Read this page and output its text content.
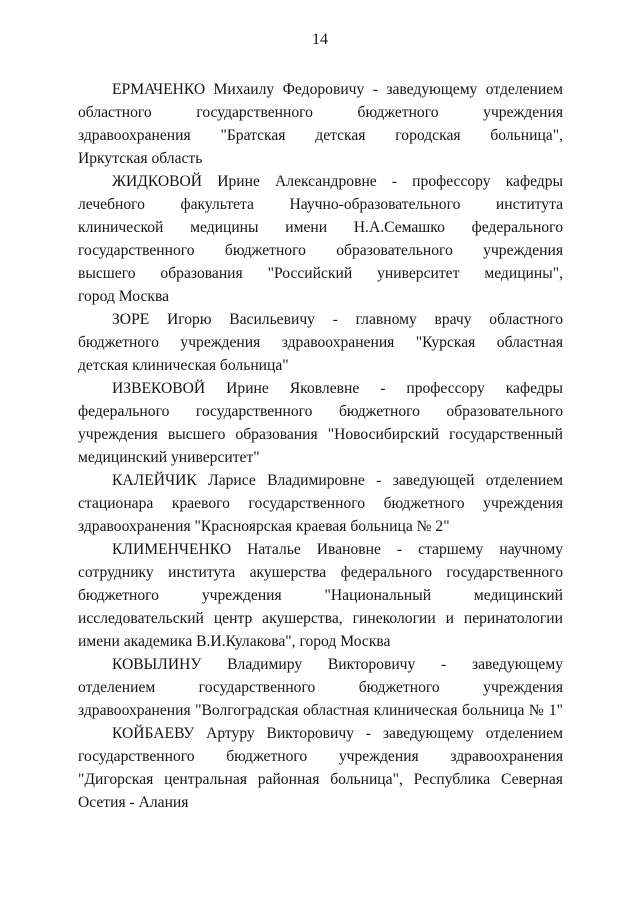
14

ЕРМАЧЕНКО Михаилу Федоровичу - заведующему отделением

областного государственного бюджетного учреждения

здравоохранения "Братская детская городская больница",

Иркутская область

ЖИДКОВОЙ Ирине Александровне - профессору кафедры

лечебного факультета Научно-образовательного института

клинической медицины имени Н.А.Семашко федерального

государственного бюджетного образовательного учреждения

высшего образования "Российский университет медицины",

город Москва

ЗОРЕ Игорю Васильевичу - главному врачу областного

бюджетного учреждения здравоохранения "Курская областная

детская клиническая больница"

ИЗВЕКОВОЙ Ирине Яковлевне - профессору кафедры

федерального государственного бюджетного образовательного

учреждения высшего образования "Новосибирский государственный

медицинский университет"

КАЛЕЙЧИК Ларисе Владимировне - заведующей отделением

стационара краевого государственного бюджетного учреждения

здравоохранения "Красноярская краевая больница № 2"

КЛИМЕНЧЕНКО Наталье Ивановне - старшему научному

сотруднику института акушерства федерального государственного

бюджетного учреждения "Национальный медицинский

исследовательский центр акушерства, гинекологии и перинатологии

имени академика В.И.Кулакова", город Москва

КОВЫЛИНУ Владимиру Викторовичу - заведующему

отделением государственного бюджетного учреждения

здравоохранения "Волгоградская областная клиническая больница № 1"

КОЙБАЕВУ Артуру Викторовичу - заведующему отделением

государственного бюджетного учреждения здравоохранения

"Дигорская центральная районная больница", Республика Северная

Осетия - Алания
